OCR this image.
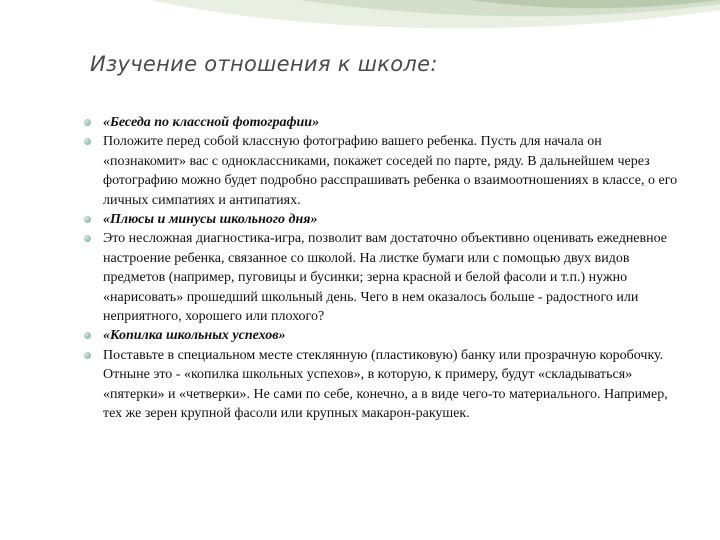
Изучение отношения к школе:
«Беседа по классной фотографии»
Положите перед собой классную фотографию вашего ребенка. Пусть для начала он «познакомит» вас с одноклассниками, покажет соседей по парте, ряду. В дальнейшем через фотографию можно будет подробно расспрашивать ребенка о взаимоотношениях в классе, о его личных симпатиях и антипатиях.
«Плюсы и минусы школьного дня»
Это несложная диагностика-игра, позволит вам достаточно объективно оценивать ежедневное настроение ребенка, связанное со школой. На листке бумаги или с помощью двух видов предметов (например, пуговицы и бусинки; зерна красной и белой фасоли и т.п.) нужно «нарисовать» прошедший школьный день. Чего в нем оказалось больше - радостного или неприятного, хорошего или плохого?
«Копилка школьных успехов»
Поставьте в специальном месте стеклянную (пластиковую) банку или прозрачную коробочку. Отныне это - «копилка школьных успехов», в которую, к примеру, будут «складываться» «пятерки» и «четверки». Не сами по себе, конечно, а в виде чего-то материального. Например, тех же зерен крупной фасоли или крупных макарон-ракушек.
